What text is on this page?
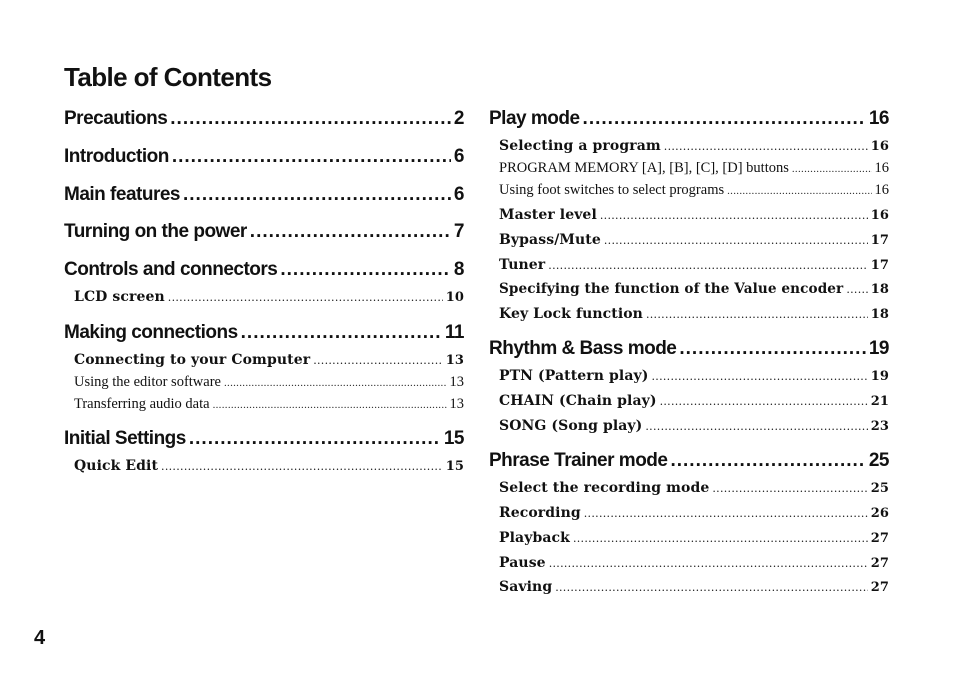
Table of Contents
Precautions .....	2
Introduction .....	6
Main features .....	6
Turning on the power .....	7
Controls and connectors .....	8
LCD screen .....	10
Making connections .....	11
Connecting to your Computer .....	13
Using the editor software .....	13
Transferring audio data .....	13
Initial Settings .....	15
Quick Edit .....	15
Play mode .....	16
Selecting a program .....	16
PROGRAM MEMORY [A], [B], [C], [D] buttons .....	16
Using foot switches to select programs .....	16
Master level .....	16
Bypass/Mute .....	17
Tuner .....	17
Specifying the function of the Value encoder ..... 18
Key Lock function .....	18
Rhythm & Bass mode .....	19
PTN (Pattern play) .....	19
CHAIN (Chain play) .....	21
SONG (Song play) .....	23
Phrase Trainer mode .....	25
Select the recording mode .....	25
Recording .....	26
Playback .....	27
Pause .....	27
Saving .....	27
4
